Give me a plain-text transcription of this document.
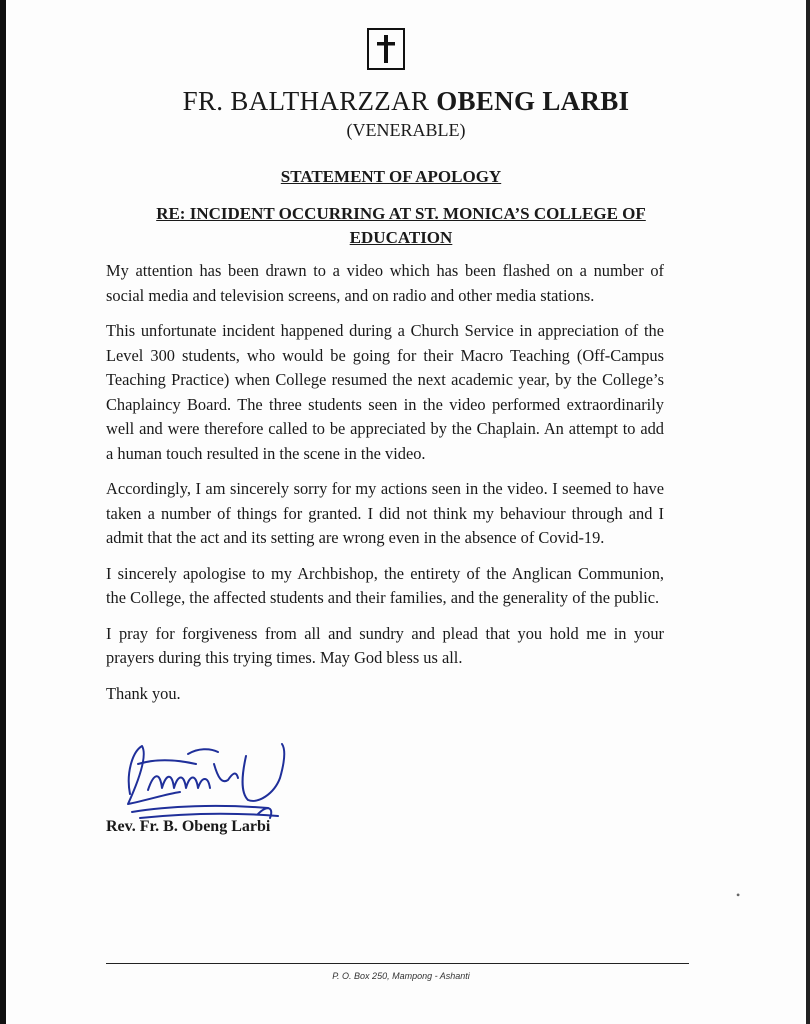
FR. BALTHARZZAR OBENG LARBI
(VENERABLE)
STATEMENT OF APOLOGY
RE: INCIDENT OCCURRING AT ST. MONICA’S COLLEGE OF EDUCATION

My attention has been drawn to a video which has been flashed on a number of social media and television screens, and on radio and other media stations.

This unfortunate incident happened during a Church Service in appreciation of the Level 300 students, who would be going for their Macro Teaching (Off-Campus Teaching Practice) when College resumed the next academic year, by the College’s Chaplaincy Board. The three students seen in the video performed extraordinarily well and were therefore called to be appreciated by the Chaplain. An attempt to add a human touch resulted in the scene in the video.

Accordingly, I am sincerely sorry for my actions seen in the video. I seemed to have taken a number of things for granted. I did not think my behaviour through and I admit that the act and its setting are wrong even in the absence of Covid-19.

I sincerely apologise to my Archbishop, the entirety of the Anglican Communion, the College, the affected students and their families, and the generality of the public.

I pray for forgiveness from all and sundry and plead that you hold me in your prayers during this trying times. May God bless us all.

Thank you.

Rev. Fr. B. Obeng Larbi
•
P. O. Box 250, Mampong - Ashanti
